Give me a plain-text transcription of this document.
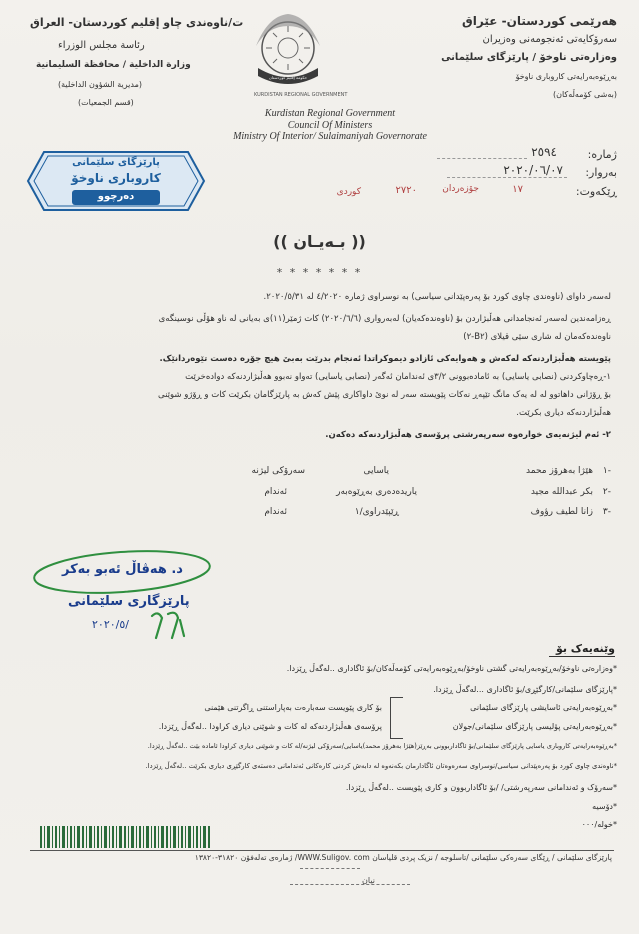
هەرێمی کوردستان- عێراق
سەرۆکایەتی ئەنجومەنی وەزیران
وەزارەتی ناوخۆ / پارێزگای سلێمانی
بەڕێوەبەرایەتی کاروباری ناوخۆ
(بەشی کۆمەڵەکان)
ت/ناوەندی چاو إقليم كوردستان- العراق
رئاسة مجلس الوزراء
وزارة الداخلية / محافظة السليمانية
(مديرية الشؤون الداخلية)
(قسم الجمعيات)
حكومة إقليم كوردستان
KURDISTAN REGIONAL GOVERNMENT
Kurdistan Regional Government
Council Of Ministers
Ministry Of Interior/ Sulaimaniyah Governorate
ژمارە:
٢٥٩٤
بەروار:
٢٠٢٠/٠٦/٠٧
ڕێکەوت:
١٧
جۆزەردان
٢٧٢٠
کوردی
پارێزگای سلێمانی
کاروباری ناوخۆ
دەرچوو
(( بـەیـان ))
* * * * * * *
لەسەر داوای (ناوەندی چاوی کورد بۆ پەرەپێدانی سیاسی) بە نوسراوی ژمارە ٤/٢٠٢٠ لە ٢٠٢٠/٥/٣١.
ڕەزامەندین لەسەر ئەنجامدانی هەڵبژاردن بۆ (ناوەندەکەیان) لەبەرواری (٢٠٢٠/٦/٦) کات ژمێر(١١)ی بەیانی لە ناو هۆڵی نوسینگەی
ناوەندەکەمان لە شاری سێی قیلای (B٢-٢)
پێویستە هەڵبژاردنەکە لەکەش و هەوایەکی ئازادو دیموکراتدا ئەنجام بدرێت بەبێ هیچ جۆرە دەست تێوەردانێک.
١-ڕەچاوکردنی (نصابی یاسایی) بە ئامادەبوونی ٣/٢ی ئەندامان ئەگەر (نصابی یاسایی) تەواو نەبوو هەڵبژاردنەکە دوادەخرێت
بۆ ڕۆژانی داهاتوو لە لە یەک مانگ تێپەڕ نەکات پێویستە سەر لە نوێ داواکاری پێش کەش بە پارێزگامان بکرێت کات و ڕۆژو شوێنی
هەڵبژاردنەکە دیاری بکرێت.
٢- ئەم لیژنەیەی خوارەوە سەرپەرشتی پرۆسەی هەڵبژاردنەکە دەکەن.
١-
هێژا بەهرۆز محمد
یاسایی
سەرۆکی لیژنە
٢-
بکر عبدالله مجید
یاریدەدەری بەڕێوەبەر
ئەندام
٣-
زانا لطیف رؤوف
ڕێپێدراوی/١
ئەندام
د. هەڤاڵ ئەبو بەکر
پارێزگاری سلێمانی
٢٠٢٠/٥/
وێنەیەک بۆ
*وەزارەتی ناوخۆ/بەڕێوەبەرایەتی گشتی ناوخۆ/بەڕێوەبەرایەتی کۆمەڵەکان/بۆ ئاگاداری ..لەگەڵ ڕێزدا.
*پارێزگای سلێمانی/کارگێڕی/بۆ ئاگاداری ...لەگەڵ ڕێزدا.
*بەڕێوەبەرایەتی ئاسایشی پارێزگای سلێمانی
*بەڕێوەبەرایەتی پۆلیسی پارێزگای سلێمانی/جولان
بۆ کاری پێویست سەبارەت بەپاراستنی ڕاگرتنی هێمنی
پرۆسەی هەڵبژاردنەکە لە کات و شوێنی دیاری کراودا ..لەگەڵ ڕێزدا.
*بەڕێوەبەرایەتی کاروباری یاسایی پارێزگای سلێمانی/بۆ ئاگاداربوونی بەڕێز(هێژا بەهرۆز محمد)یاسایی/سەرۆکی لیژنە/لە کات و شوێنی دیاری کراودا ئامادە بێت ..لەگەڵ ڕێزدا.
*ناوەندی چاوی کورد بۆ پەرەپێدانی سیاسی/نوسراوی سەرەوەتان ئاگادارمان بکەنەوە لە دابەش کردنی کارەکانی ئەندامانی دەستەی کارگێڕی دیاری بکرێت ..لەگەڵ ڕێزدا.
*سەرۆک و ئەندامانی سەرپەرشتی/ /بۆ ئاگاداربوون و کاری پێویست ..لەگەڵ ڕێزدا.
*دۆسیە
*خولە/٠٠٠
پارێزگای سلێمانی / ڕێگای سەرەکی سلێمانی /تاسلوجە / نزیک پردی قلیاسان WWW.Suligov. com/ ژمارەی تەلەفۆن ٣١٨٢٠-١٣٨٢٠
نیان
